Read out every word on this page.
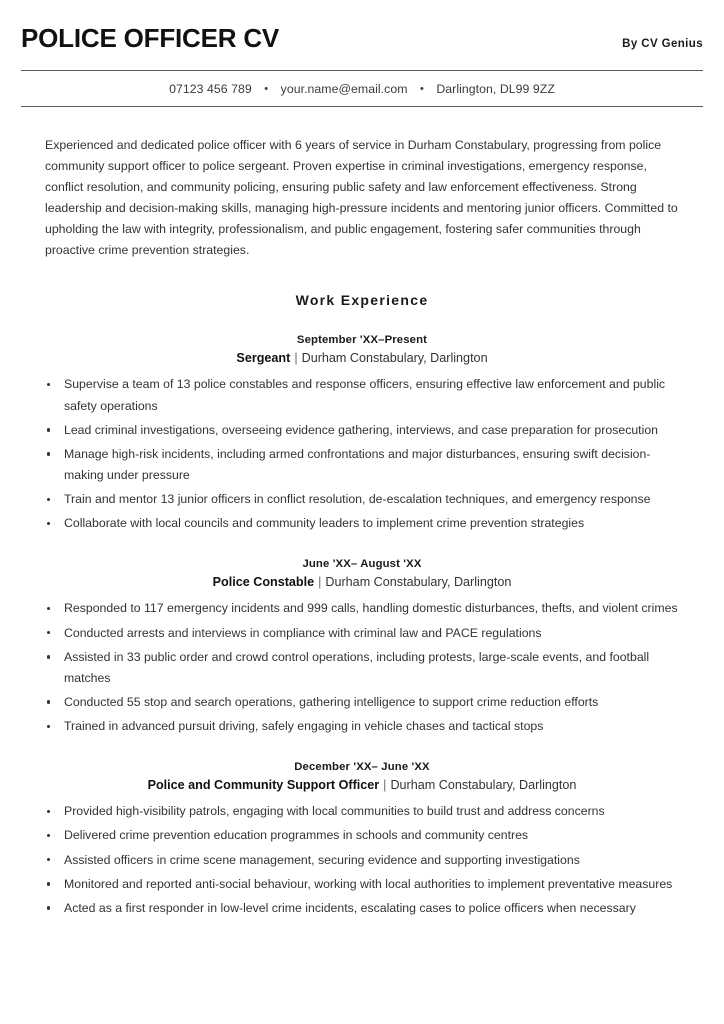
POLICE OFFICER CV	By CV Genius
07123 456 789 • your.name@email.com • Darlington, DL99 9ZZ

Experienced and dedicated police officer with 6 years of service in Durham Constabulary, progressing from police community support officer to police sergeant. Proven expertise in criminal investigations, emergency response, conflict resolution, and community policing, ensuring public safety and law enforcement effectiveness. Strong leadership and decision-making skills, managing high-pressure incidents and mentoring junior officers. Committed to upholding the law with integrity, professionalism, and public engagement, fostering safer communities through proactive crime prevention strategies.

Work Experience
September 'XX–Present
Sergeant | Durham Constabulary, Darlington
Supervise a team of 13 police constables and response officers, ensuring effective law enforcement and public safety operations
Lead criminal investigations, overseeing evidence gathering, interviews, and case preparation for prosecution
Manage high-risk incidents, including armed confrontations and major disturbances, ensuring swift decision-making under pressure
Train and mentor 13 junior officers in conflict resolution, de-escalation techniques, and emergency response
Collaborate with local councils and community leaders to implement crime prevention strategies
June 'XX– August 'XX
Police Constable | Durham Constabulary, Darlington
Responded to 117 emergency incidents and 999 calls, handling domestic disturbances, thefts, and violent crimes
Conducted arrests and interviews in compliance with criminal law and PACE regulations
Assisted in 33 public order and crowd control operations, including protests, large-scale events, and football matches
Conducted 55 stop and search operations, gathering intelligence to support crime reduction efforts
Trained in advanced pursuit driving, safely engaging in vehicle chases and tactical stops
December 'XX– June 'XX
Police and Community Support Officer | Durham Constabulary, Darlington
Provided high-visibility patrols, engaging with local communities to build trust and address concerns
Delivered crime prevention education programmes in schools and community centres
Assisted officers in crime scene management, securing evidence and supporting investigations
Monitored and reported anti-social behaviour, working with local authorities to implement preventative measures
Acted as a first responder in low-level crime incidents, escalating cases to police officers when necessary
